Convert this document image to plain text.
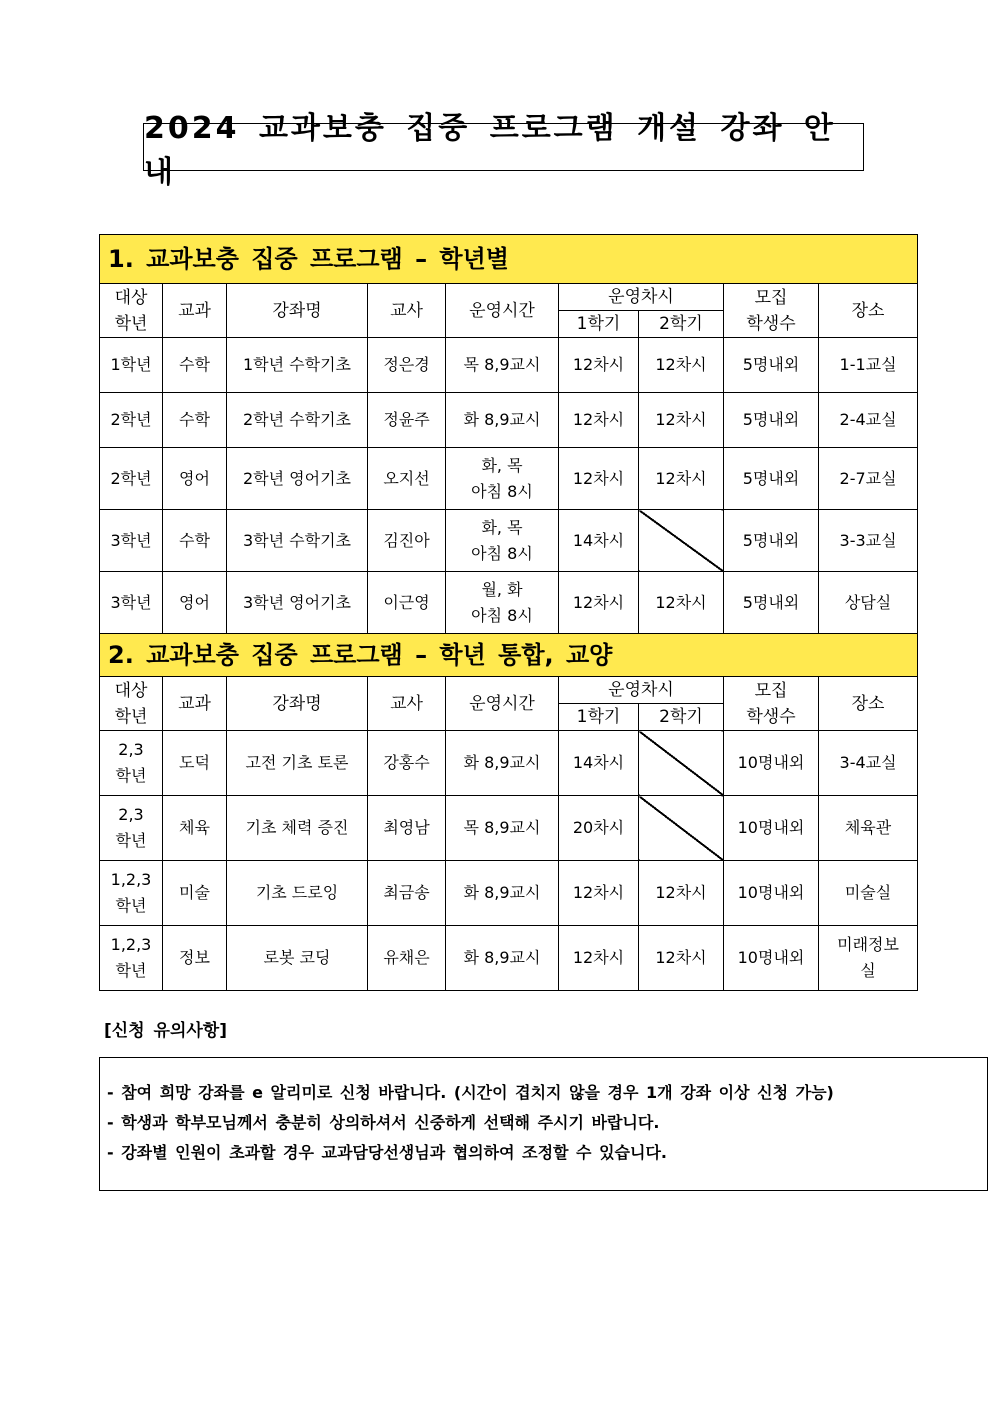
2024 교과보충 집중 프로그램 개설 강좌 안내
1. 교과보충 집중 프로그램 – 학년별								
대상
학년	교과	강좌명	교사	운영시간	운영차시		모집
학생수	장소
					1학기	2학기		
1학년	수학	1학년 수학기초	정은경	목 8,9교시	12차시	12차시	5명내외	1-1교실
2학년	수학	2학년 수학기초	정윤주	화 8,9교시	12차시	12차시	5명내외	2-4교실
2학년	영어	2학년 영어기초	오지선	화, 목
아침 8시	12차시	12차시	5명내외	2-7교실
3학년	수학	3학년 수학기초	김진아	화, 목
아침 8시	14차시		5명내외	3-3교실
3학년	영어	3학년 영어기초	이근영	월, 화
아침 8시	12차시	12차시	5명내외	상담실
2. 교과보충 집중 프로그램 – 학년 통합, 교양								
대상
학년	교과	강좌명	교사	운영시간	운영차시		모집
학생수	장소
					1학기	2학기		
2,3
학년	도덕	고전 기초 토론	강홍수	화 8,9교시	14차시		10명내외	3-4교실
2,3
학년	체육	기초 체력 증진	최영남	목 8,9교시	20차시		10명내외	체육관
1,2,3
학년	미술	기초 드로잉	최금송	화 8,9교시	12차시	12차시	10명내외	미술실
1,2,3
학년	정보	로봇 코딩	유채은	화 8,9교시	12차시	12차시	10명내외	미래정보
실
[신청 유의사항]
- 참여 희망 강좌를 e 알리미로 신청 바랍니다. (시간이 겹치지 않을 경우 1개 강좌 이상 신청 가능)
- 학생과 학부모님께서 충분히 상의하셔서 신중하게 선택해 주시기 바랍니다.
- 강좌별 인원이 초과할 경우 교과담당선생님과 협의하여 조정할 수 있습니다.
